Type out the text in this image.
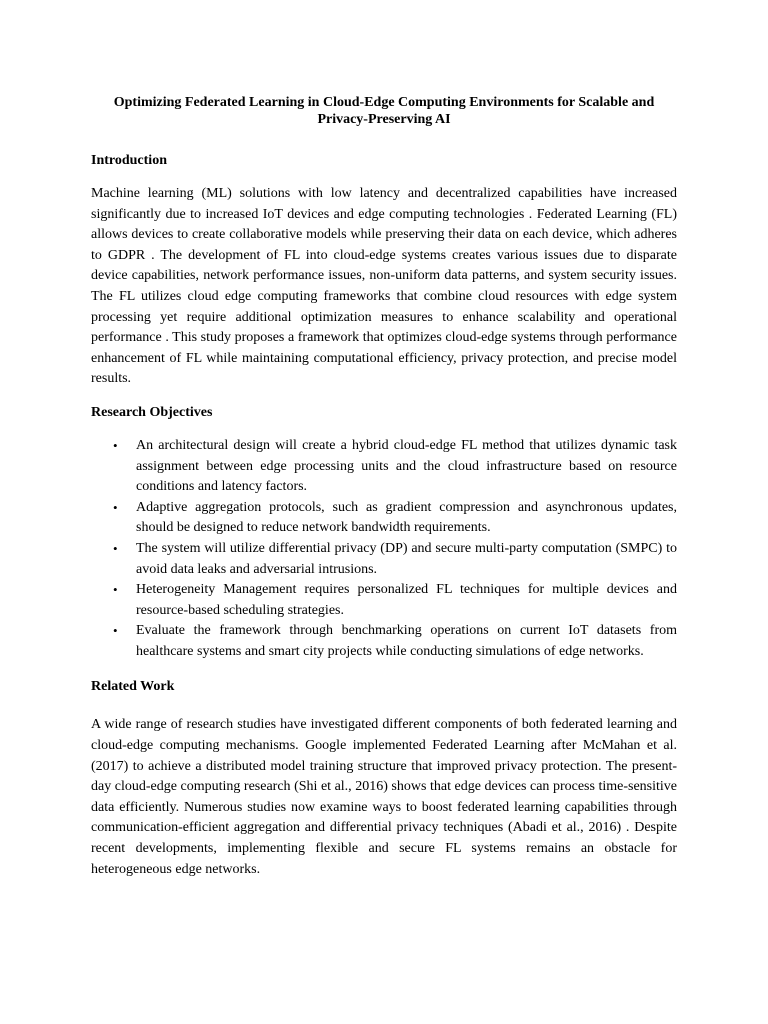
Optimizing Federated Learning in Cloud-Edge Computing Environments for Scalable and Privacy-Preserving AI
Introduction

Machine learning (ML) solutions with low latency and decentralized capabilities have increased significantly due to increased IoT devices and edge computing technologies . Federated Learning (FL) allows devices to create collaborative models while preserving their data on each device, which adheres to GDPR . The development of FL into cloud-edge systems creates various issues due to disparate device capabilities, network performance issues, non-uniform data patterns, and system security issues. The FL utilizes cloud edge computing frameworks that combine cloud resources with edge system processing yet require additional optimization measures to enhance scalability and operational performance . This study proposes a framework that optimizes cloud-edge systems through performance enhancement of FL while maintaining computational efficiency, privacy protection, and precise model results.

Research Objectives
• An architectural design will create a hybrid cloud-edge FL method that utilizes dynamic task assignment between edge processing units and the cloud infrastructure based on resource conditions and latency factors.
• Adaptive aggregation protocols, such as gradient compression and asynchronous updates, should be designed to reduce network bandwidth requirements.
• The system will utilize differential privacy (DP) and secure multi-party computation (SMPC) to avoid data leaks and adversarial intrusions.
• Heterogeneity Management requires personalized FL techniques for multiple devices and resource-based scheduling strategies.
• Evaluate the framework through benchmarking operations on current IoT datasets from healthcare systems and smart city projects while conducting simulations of edge networks.
Related Work

A wide range of research studies have investigated different components of both federated learning and cloud-edge computing mechanisms. Google implemented Federated Learning after McMahan et al. (2017) to achieve a distributed model training structure that improved privacy protection. The present-day cloud-edge computing research (Shi et al., 2016) shows that edge devices can process time-sensitive data efficiently. Numerous studies now examine ways to boost federated learning capabilities through communication-efficient aggregation and differential privacy techniques (Abadi et al., 2016) . Despite recent developments, implementing flexible and secure FL systems remains an obstacle for heterogeneous edge networks.
